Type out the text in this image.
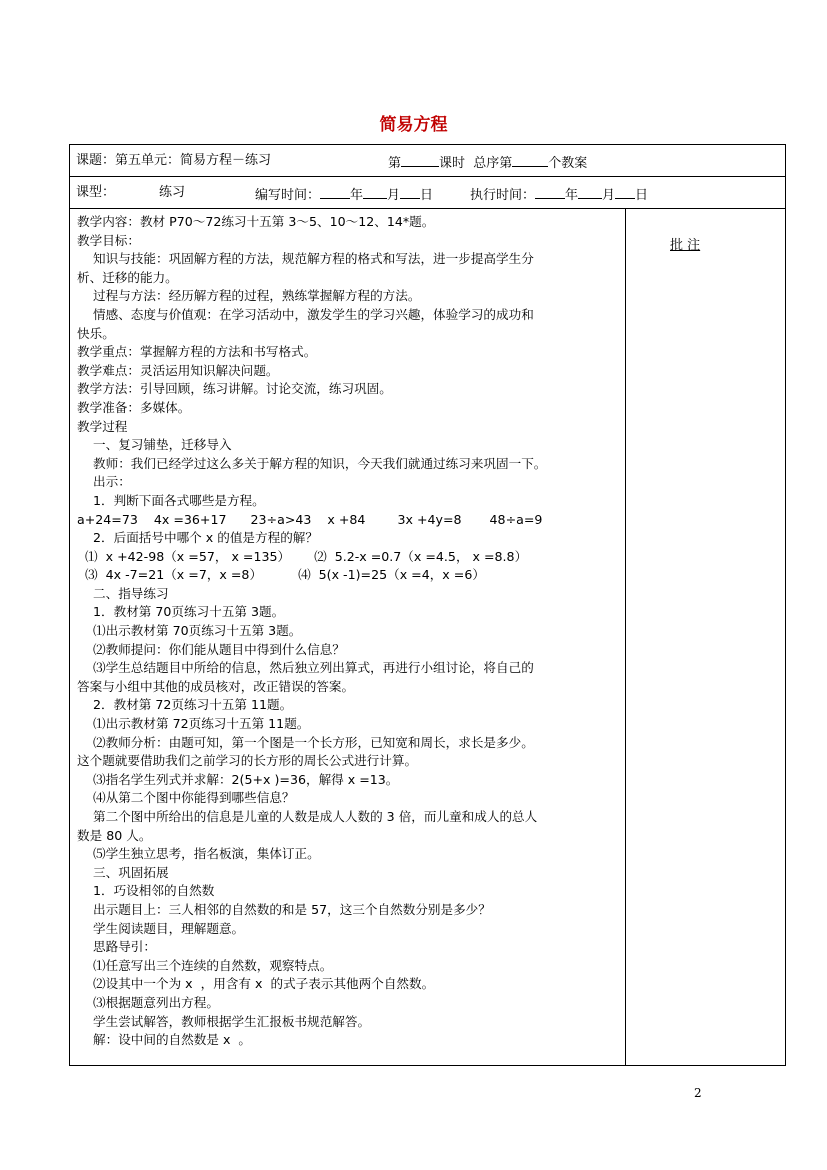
简易方程
课题：第五单元：简易方程－练习	第	课时  总序第	个教案
课型：	练习	编写时间： 年 月 日	执行时间： 年 月 日

教学内容：教材 P70～72练习十五第 3～5、10～12、14*题。

教学目标：

知识与技能：巩固解方程的方法，规范解方程的格式和写法，进一步提高学生分

析、迁移的能力。

过程与方法：经历解方程的过程，熟练掌握解方程的方法。

情感、态度与价值观：在学习活动中，激发学生的学习兴趣，体验学习的成功和

快乐。

教学重点：掌握解方程的方法和书写格式。

教学难点：灵活运用知识解决问题。

教学方法：引导回顾，练习讲解。讨论交流，练习巩固。

教学准备：多媒体。

教学过程

一、复习铺垫，迁移导入

教师：我们已经学过这么多关于解方程的知识，今天我们就通过练习来巩固一下。

出示：

1．判断下面各式哪些是方程。

a+24=73    4x =36+17      23÷a>43    x +84        3x +4y=8       48÷a=9

2．后面括号中哪个 x 的值是方程的解？

⑴  x +42-98（x =57， x =135）      ⑵  5.2-x =0.7（x =4.5， x =8.8）

⑶  4x -7=21（x =7，x =8）         ⑷  5(x -1)=25（x =4，x =6）

二、指导练习

1．教材第 70页练习十五第 3题。

⑴出示教材第 70页练习十五第 3题。

⑵教师提问：你们能从题目中得到什么信息？

⑶学生总结题目中所给的信息，然后独立列出算式，再进行小组讨论，将自己的

答案与小组中其他的成员核对，改正错误的答案。

2．教材第 72页练习十五第 11题。

⑴出示教材第 72页练习十五第 11题。

⑵教师分析：由题可知，第一个图是一个长方形，已知宽和周长，求长是多少。

这个题就要借助我们之前学习的长方形的周长公式进行计算。

⑶指名学生列式并求解：2(5+x )=36，解得 x =13。

⑷从第二个图中你能得到哪些信息？

第二个图中所给出的信息是儿童的人数是成人人数的 3 倍，而儿童和成人的总人

数是 80 人。

⑸学生独立思考，指名板演，集体订正。

三、巩固拓展

1．巧设相邻的自然数

出示题目上：三人相邻的自然数的和是 57，这三个自然数分别是多少？

学生阅读题目，理解题意。

思路导引：

⑴任意写出三个连续的自然数，观察特点。

⑵设其中一个为 x  ，用含有 x  的式子表示其他两个自然数。

⑶根据题意列出方程。

学生尝试解答，教师根据学生汇报板书规范解答。

解：设中间的自然数是 x  。

批 注
2
